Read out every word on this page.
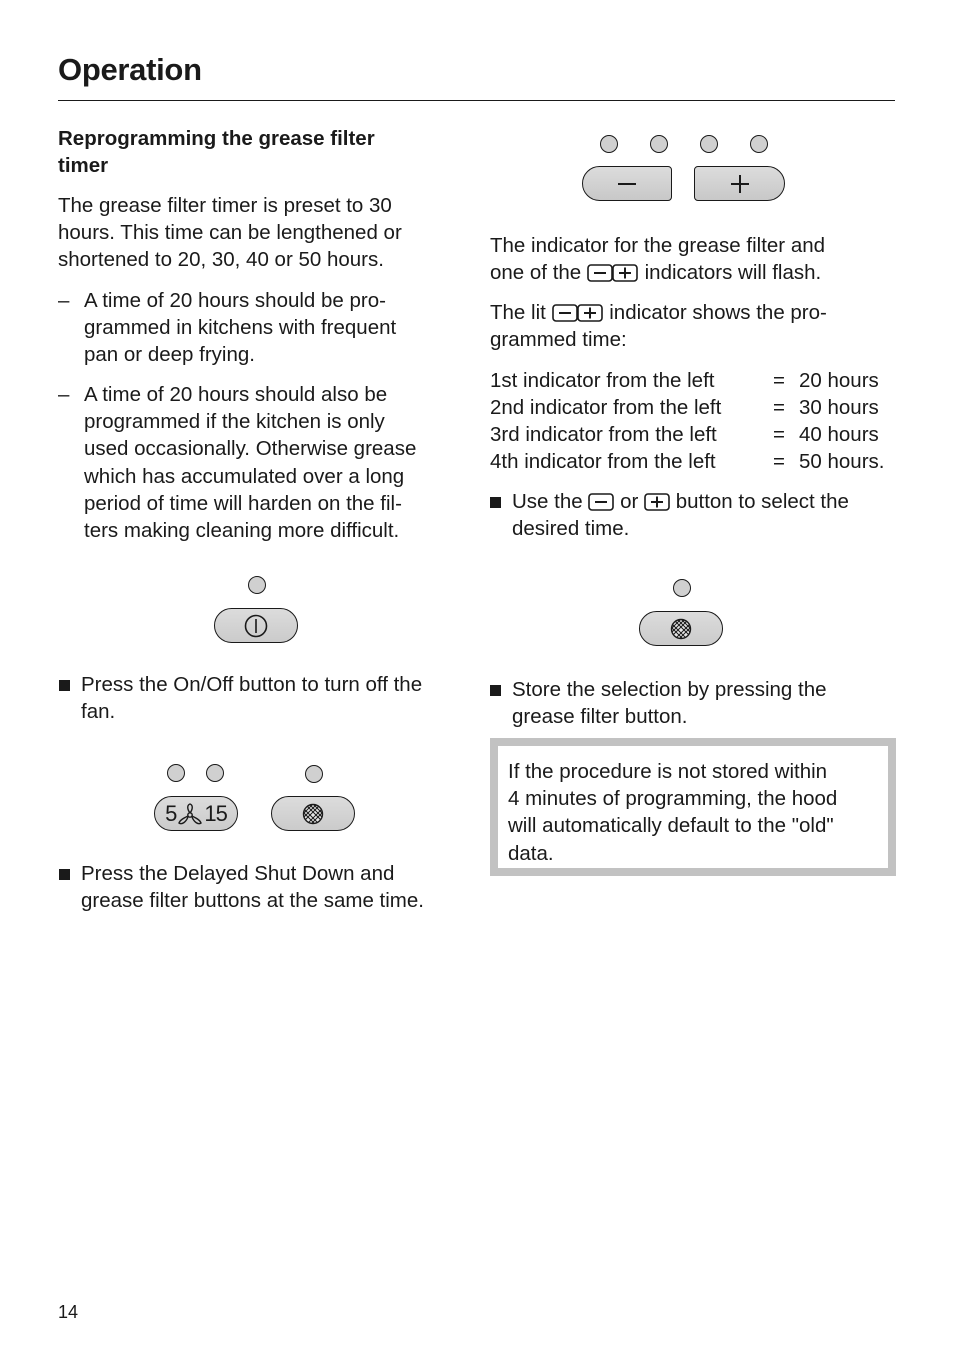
Operation
Reprogramming the grease filter
timer
The grease filter timer is preset to 30
hours. This time can be lengthened or
shortened to 20, 30, 40 or 50 hours.
– A time of 20 hours should be pro-
grammed in kitchens with frequent
pan or deep frying.
– A time of 20 hours should also be
programmed if the kitchen is only
used occasionally. Otherwise grease
which has accumulated over a long
period of time will harden on the fil-
ters making cleaning more difficult.
Press the On/Off button to turn off the
fan.
5 15
Press the Delayed Shut Down and
grease filter buttons at the same time.
The indicator for the grease filter and
one of the	indicators will flash.
The lit	indicator shows the pro-
grammed time:
1st indicator from the left	= 20 hours
2nd indicator from the left	= 30 hours
3rd indicator from the left	= 40 hours
4th indicator from the left	= 50 hours.
Use the or button to select the
desired time.
Store the selection by pressing the
grease filter button.
If the procedure is not stored within
4 minutes of programming, the hood
will automatically default to the "old"
data.
14
